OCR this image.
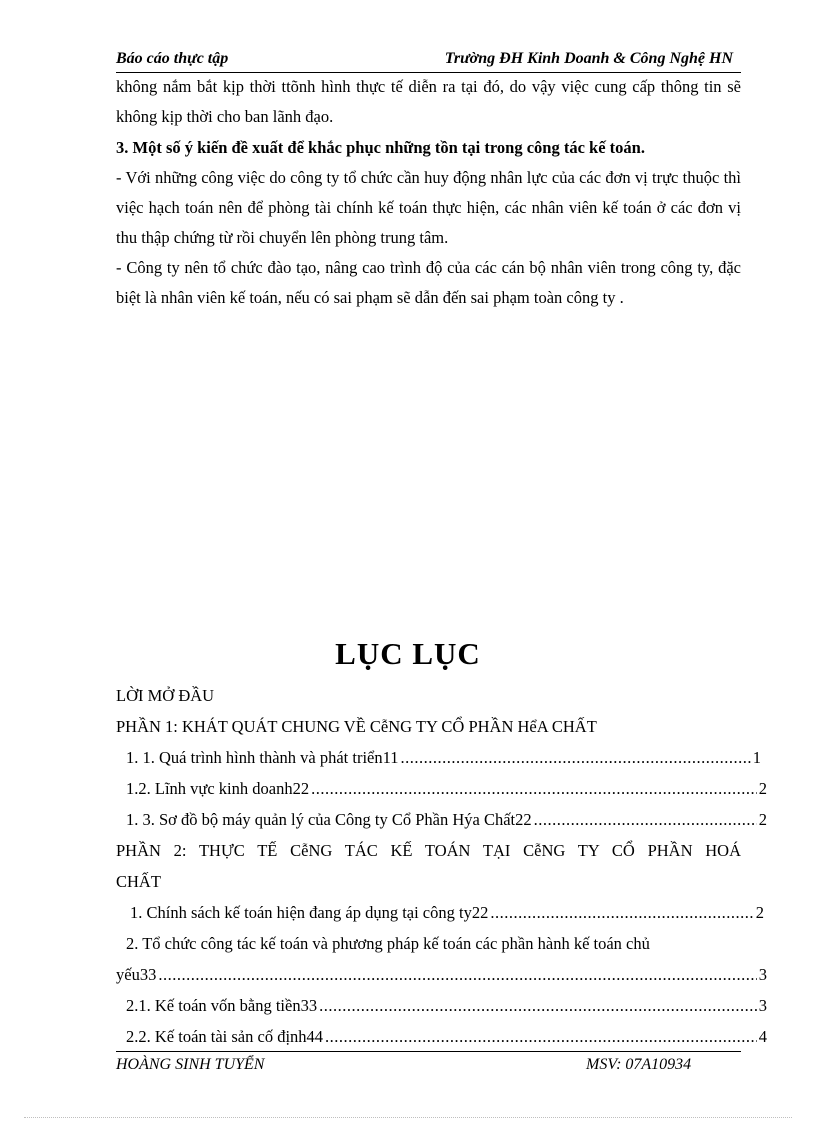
Báo cáo thực tập	Trường ĐH Kinh Doanh & Công Nghệ HN
không nắm bắt kịp thời ttõnh hình thực tế diễn ra tại đó, do vậy việc cung cấp thông tin sẽ không kịp thời cho ban lãnh đạo.
3. Một số ý kiến đề xuất để khắc phục những tồn tại trong công tác kế toán.
- Với những công việc do công ty tổ chức cần huy động nhân lực của các đơn vị trực thuộc thì việc hạch toán nên để phòng tài chính kế toán thực hiện, các nhân viên kế toán ở các đơn vị thu thập chứng từ rồi chuyển lên phòng trung tâm.
- Công ty nên tổ chức đào tạo, nâng cao trình độ của các cán bộ nhân viên trong công ty, đặc biệt là nhân viên kế toán, nếu có sai phạm sẽ dẫn đến sai phạm toàn công ty .
LỤC LỤC
LỜI MỞ ĐẦU
PHẦN 1: KHÁT QUÁT CHUNG VỀ CễNG TY CỔ PHẦN HểA CHẤT
1. 1. Quá trình hình thành và phát triển11 .....	1
1.2. Lĩnh vực kinh doanh22 .....	2
1. 3. Sơ đồ bộ máy quản lý của Công ty Cổ Phần Hýa Chất22 .....	2
PHẦN 2: THỰC TẾ CễNG TÁC KẾ TOÁN TẠI CễNG TY CỔ PHẦN HOÁ
CHẤT
1. Chính sách kế toán hiện đang áp dụng tại công ty22 .....	2
2. Tổ chức công tác kế toán và phương pháp kế toán các phần hành kế toán chủ
yếu33 .....	3
2.1. Kế toán vốn bằng tiền33 .....	3
2.2. Kế toán tài sản cố định44 .....	4
HOÀNG SINH TUYỂN	MSV: 07A10934
